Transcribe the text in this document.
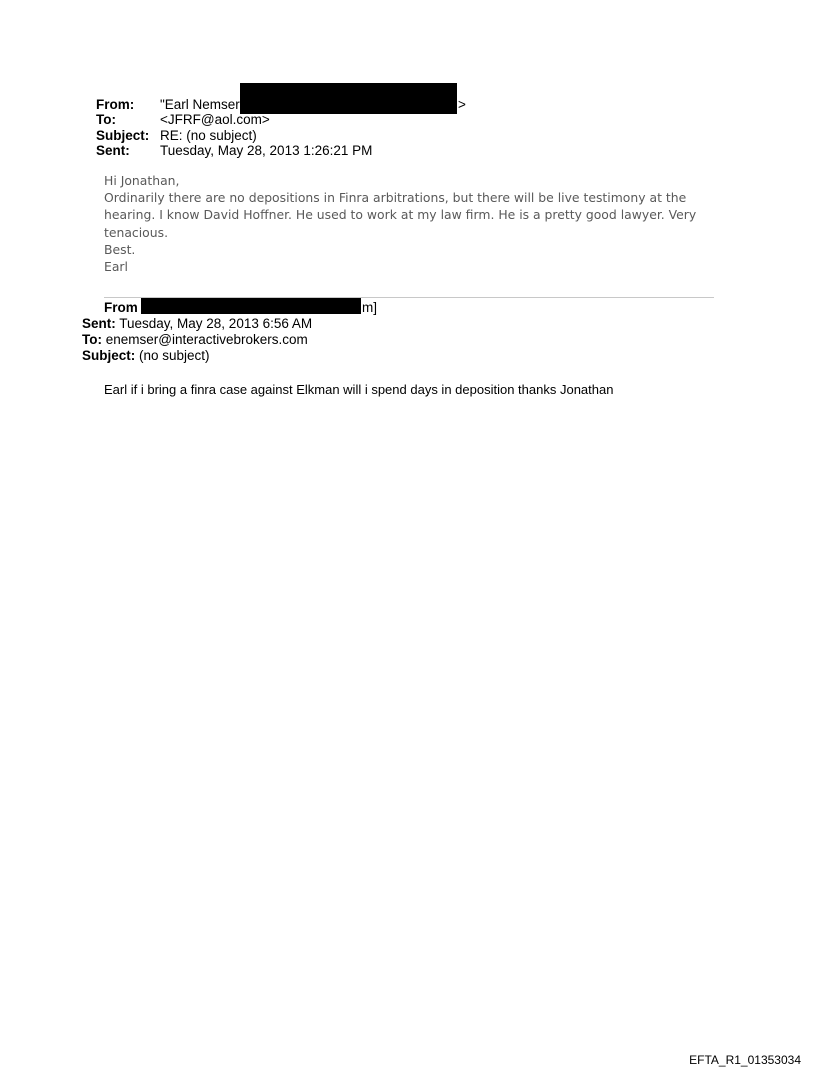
From: "Earl Nemser	>
To:	<JFRF@aol.com>
Subject: RE: (no subject)
Sent: Tuesday, May 28, 2013 1:26:21 PM

Hi Jonathan,

Ordinarily there are no depositions in Finra arbitrations, but there will be live testimony at the

hearing. I know David Hoffner. He used to work at my law firm. He is a pretty good lawyer. Very

tenacious.

Best.

Earl

From	m]
Sent: Tuesday, May 28, 2013 6:56 AM
To: enemser@interactivebrokers.com
Subject: (no subject)
Earl if i bring a finra case against Elkman will i spend days in deposition thanks Jonathan
EFTA_R1_01353034
